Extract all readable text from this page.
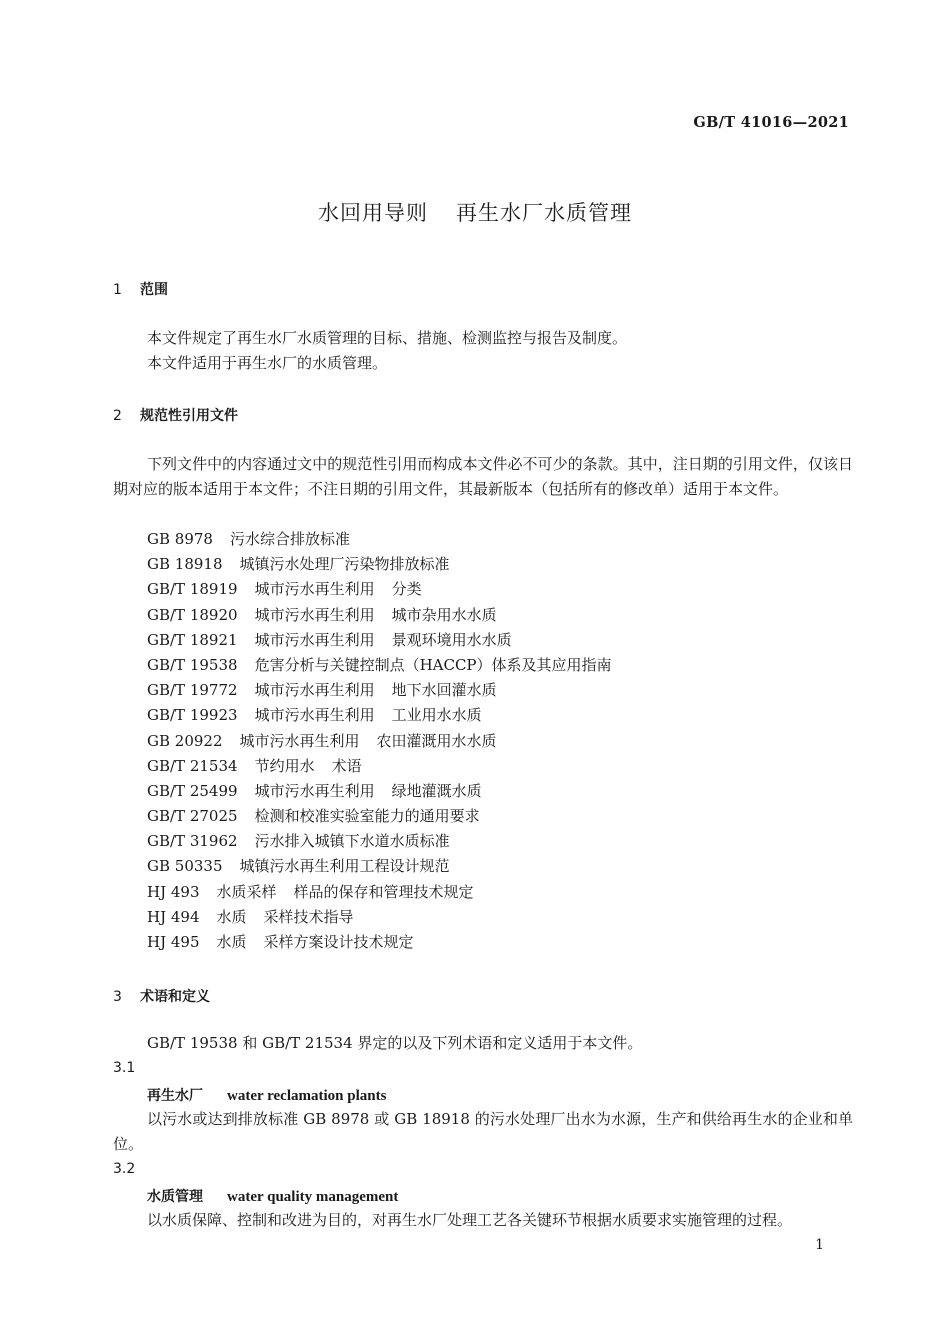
GB/T 41016—2021
水回用导则 再生水厂水质管理
1 范围
本文件规定了再生水厂水质管理的目标、措施、检测监控与报告及制度。
本文件适用于再生水厂的水质管理。
2 规范性引用文件
下列文件中的内容通过文中的规范性引用而构成本文件必不可少的条款。其中，注日期的引用文件，仅该日期对应的版本适用于本文件；不注日期的引用文件，其最新版本（包括所有的修改单）适用于本文件。
GB 8978 污水综合排放标准
GB 18918 城镇污水处理厂污染物排放标准
GB/T 18919 城市污水再生利用 分类
GB/T 18920 城市污水再生利用 城市杂用水水质
GB/T 18921 城市污水再生利用 景观环境用水水质
GB/T 19538 危害分析与关键控制点（HACCP）体系及其应用指南
GB/T 19772 城市污水再生利用 地下水回灌水质
GB/T 19923 城市污水再生利用 工业用水水质
GB 20922 城市污水再生利用 农田灌溉用水水质
GB/T 21534 节约用水 术语
GB/T 25499 城市污水再生利用 绿地灌溉水质
GB/T 27025 检测和校准实验室能力的通用要求
GB/T 31962 污水排入城镇下水道水质标准
GB 50335 城镇污水再生利用工程设计规范
HJ 493 水质采样 样品的保存和管理技术规定
HJ 494 水质 采样技术指导
HJ 495 水质 采样方案设计技术规定
3 术语和定义
GB/T 19538 和 GB/T 21534 界定的以及下列术语和定义适用于本文件。
3.1
再生水厂 water reclamation plants
以污水或达到排放标准 GB 8978 或 GB 18918 的污水处理厂出水为水源，生产和供给再生水的企业和单位。
3.2
水质管理 water quality management
以水质保障、控制和改进为目的，对再生水厂处理工艺各关键环节根据水质要求实施管理的过程。
1
